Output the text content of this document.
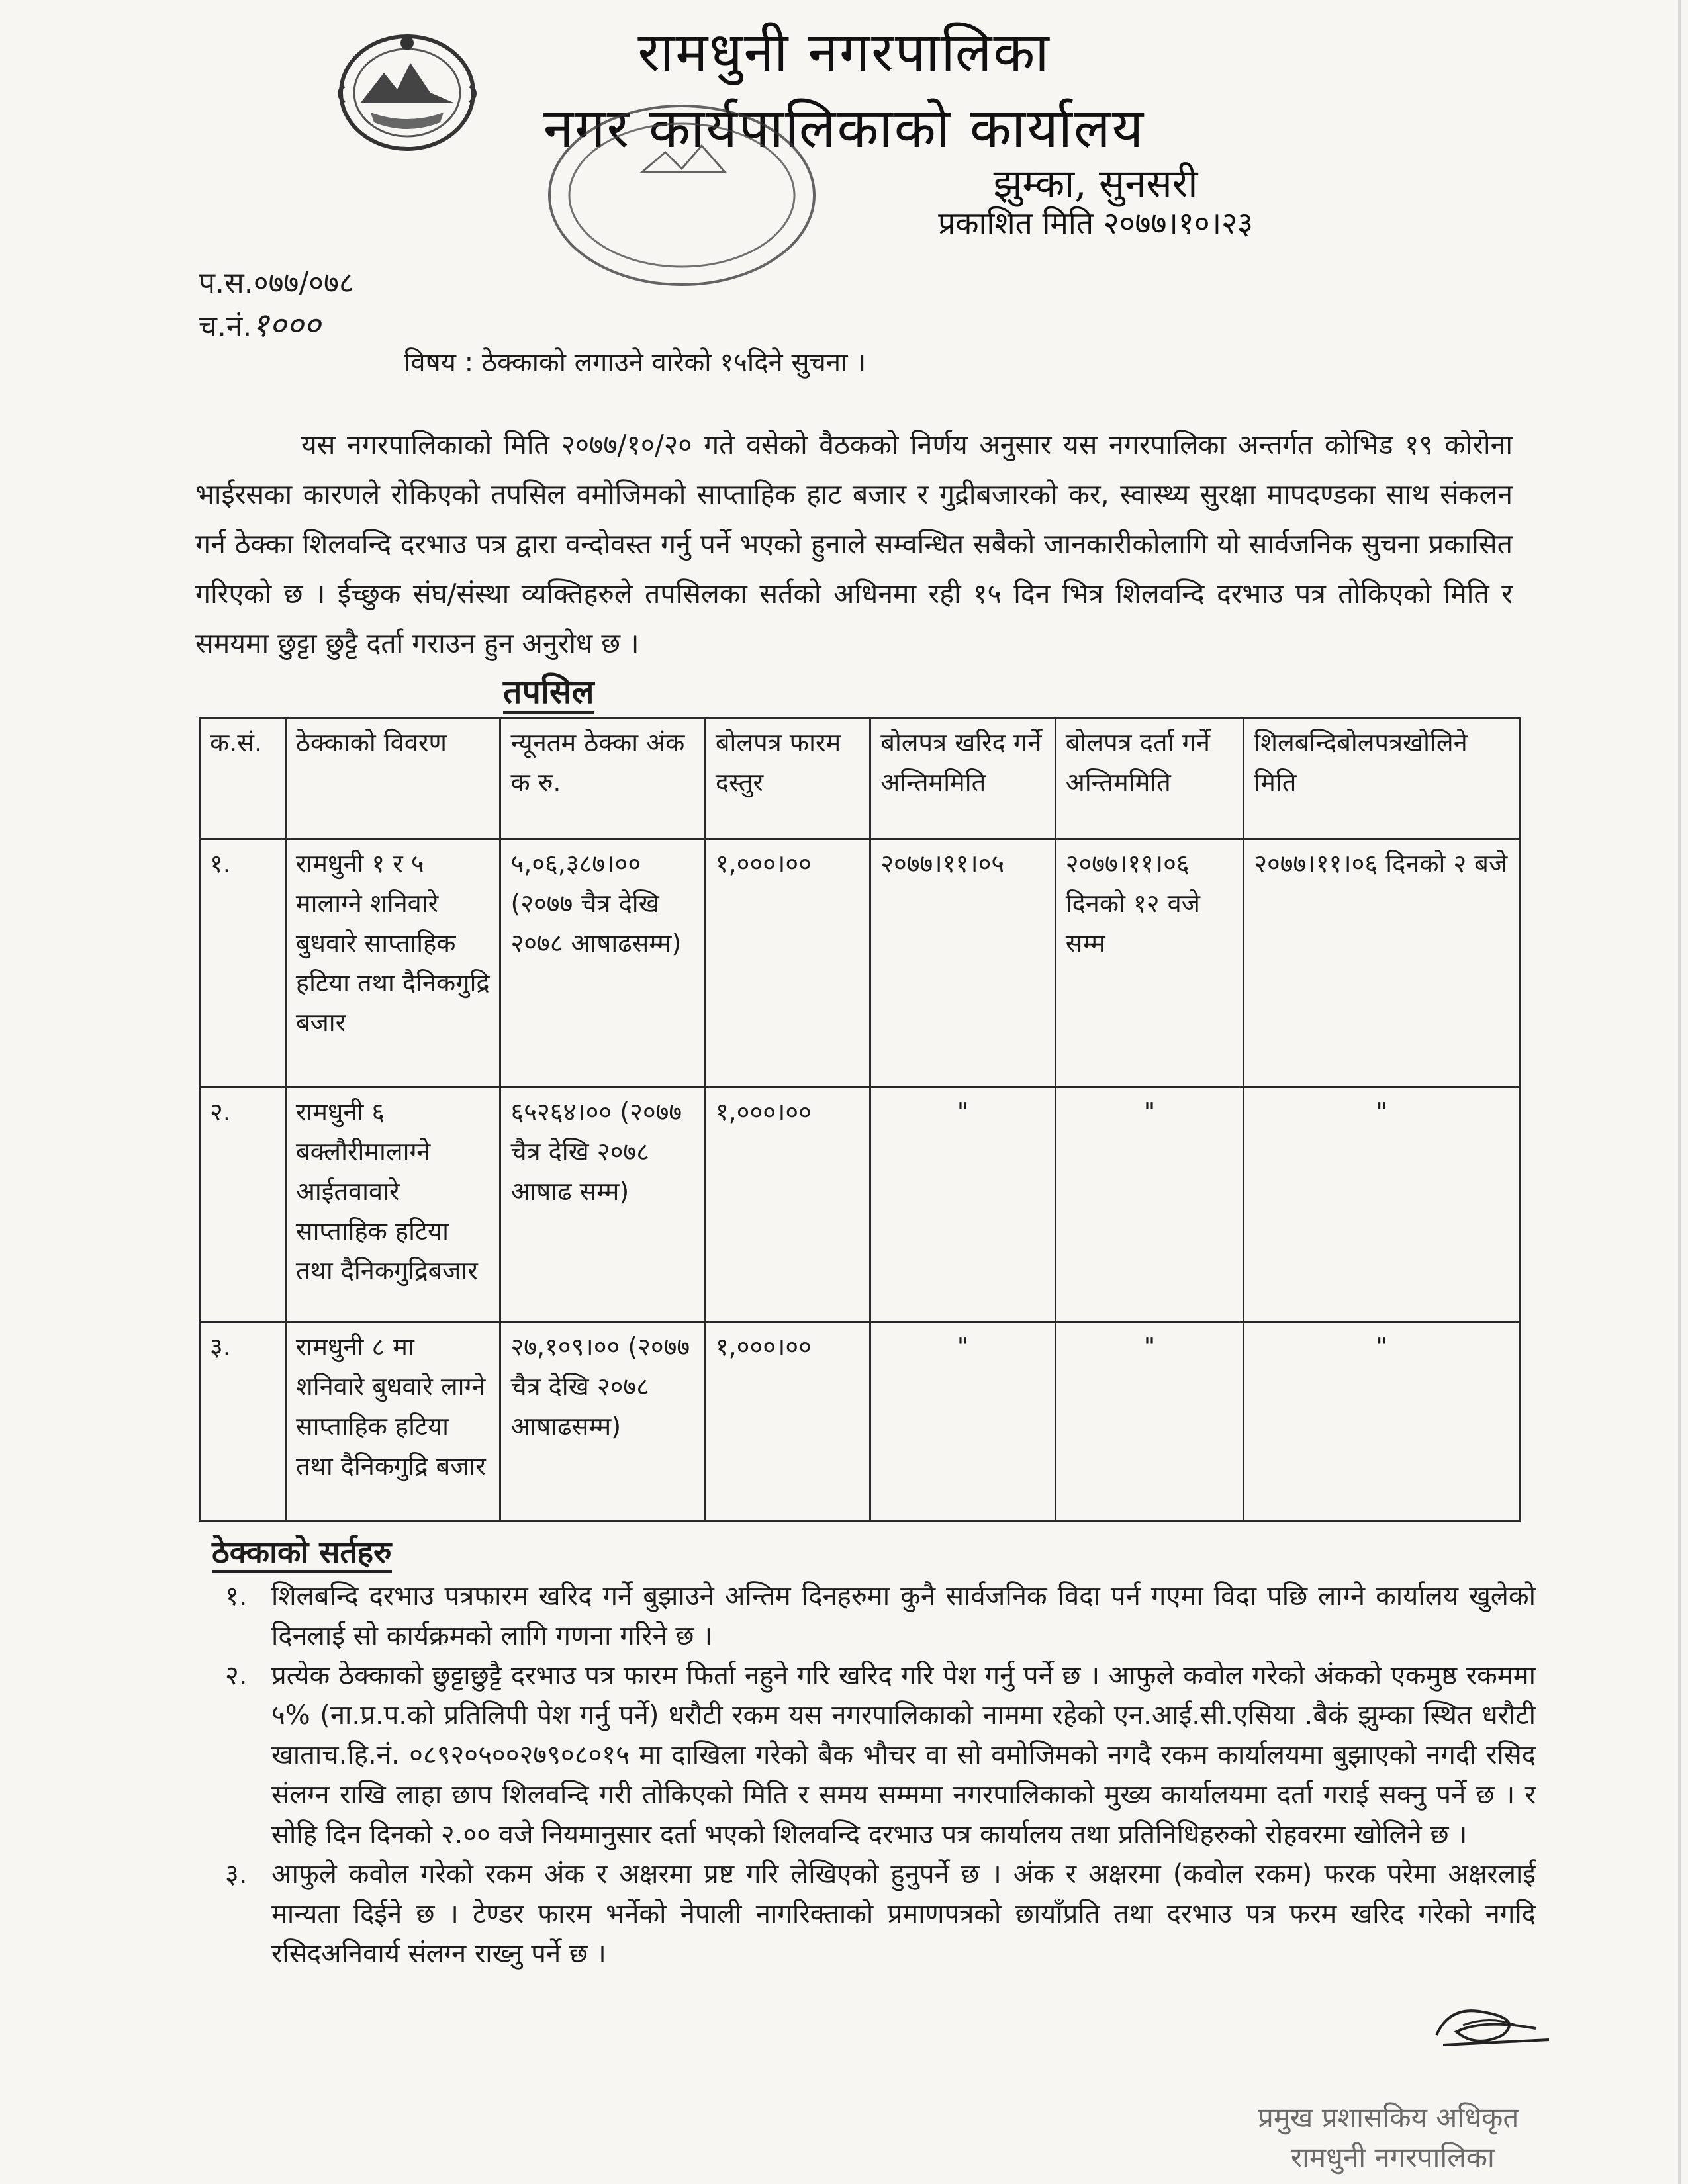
रामधुनी नगरपालिका
नगर कार्यपालिकाको कार्यालय
झुम्का, सुनसरी
प्रकाशित मिति २०७७।१०।२३
प.स.०७७/०७८
च.नं.१०००
विषय : ठेक्काको लगाउने वारेको १५दिने सुचना ।
यस नगरपालिकाको मिति २०७७/१०/२० गते वसेको वैठकको निर्णय अनुसार यस नगरपालिका अन्तर्गत कोभिड १९ कोरोना भाईरसका कारणले रोकिएको तपसिल वमोजिमको साप्ताहिक हाट बजार र गुद्रीबजारको कर, स्वास्थ्य सुरक्षा मापदण्डका साथ संकलन गर्न ठेक्का शिलवन्दि दरभाउ पत्र द्वारा वन्दोवस्त गर्नु पर्ने भएको हुनाले सम्वन्धित सबैको जानकारीकोलागि यो सार्वजनिक सुचना प्रकासित गरिएको छ । ईच्छुक संघ/संस्था व्यक्तिहरुले तपसिलका सर्तको अधिनमा रही १५ दिन भित्र शिलवन्दि दरभाउ पत्र तोकिएको मिति र समयमा छुट्टा छुट्टै दर्ता गराउन हुन अनुरोध छ ।
तपसिल
क.सं.	ठेक्काको विवरण	न्यूनतम ठेक्का अंक क रु.	बोलपत्र फारम दस्तुर	बोलपत्र खरिद गर्ने अन्तिममिति	बोलपत्र दर्ता गर्ने अन्तिममिति	शिलबन्दिबोलपत्रखोलिने मिति
१.	रामधुनी १ र ५ मालाग्ने शनिवारे बुधवारे साप्ताहिक हटिया तथा दैनिकगुद्रि बजार	५,०६,३८७।०० (२०७७ चैत्र देखि २०७८ आषाढसम्म)	१,०००।००	२०७७।११।०५	२०७७।११।०६ दिनको १२ वजे सम्म	२०७७।११।०६ दिनको २ बजे
२.	रामधुनी ६ बक्लौरीमालाग्ने आईतवावारे साप्ताहिक हटिया तथा दैनिकगुद्रिबजार	६५२६४।०० (२०७७ चैत्र देखि २०७८ आषाढ सम्म)	१,०००।००	"	"	"
३.	रामधुनी ८ मा शनिवारे बुधवारे लाग्ने साप्ताहिक हटिया तथा दैनिकगुद्रि बजार	२७,१०९।०० (२०७७ चैत्र देखि २०७८ आषाढसम्म)	१,०००।००	"	"	"
ठेक्काको सर्तहरु
१. शिलबन्दि दरभाउ पत्रफारम खरिद गर्ने बुझाउने अन्तिम दिनहरुमा कुनै सार्वजनिक विदा पर्न गएमा विदा पछि लाग्ने कार्यालय खुलेको दिनलाई सो कार्यक्रमको लागि गणना गरिने छ ।
२. प्रत्येक ठेक्काको छुट्टाछुट्टै दरभाउ पत्र फारम फिर्ता नहुने गरि खरिद गरि पेश गर्नु पर्ने छ । आफुले कवोल गरेको अंकको एकमुष्ठ रकममा ५% (ना.प्र.प.को प्रतिलिपी पेश गर्नु पर्ने) धरौटी रकम यस नगरपालिकाको नाममा रहेको एन.आई.सी.एसिया .बैकं झुम्का स्थित धरौटी खाताच.हि.नं. ०८९२०५००२७९०८०१५ मा दाखिला गरेको बैक भौचर वा सो वमोजिमको नगदै रकम कार्यालयमा बुझाएको नगदी रसिद संलग्न राखि लाहा छाप शिलवन्दि गरी तोकिएको मिति र समय सम्ममा नगरपालिकाको मुख्य कार्यालयमा दर्ता गराई सक्नु पर्ने छ । र सोहि दिन दिनको २.०० वजे नियमानुसार दर्ता भएको शिलवन्दि दरभाउ पत्र कार्यालय तथा प्रतिनिधिहरुको रोहवरमा खोलिने छ ।
३. आफुले कवोल गरेको रकम अंक र अक्षरमा प्रष्ट गरि लेखिएको हुनुपर्ने छ । अंक र अक्षरमा (कवोल रकम) फरक परेमा अक्षरलाई मान्यता दिईने छ । टेण्डर फारम भर्नेको नेपाली नागरिक्ताको प्रमाणपत्रको छायाँप्रति तथा दरभाउ पत्र फरम खरिद गरेको नगदि रसिदअनिवार्य संलग्न राख्नु पर्ने छ ।
प्रमुख प्रशासकिय अधिकृत
रामधुनी नगरपालिका
